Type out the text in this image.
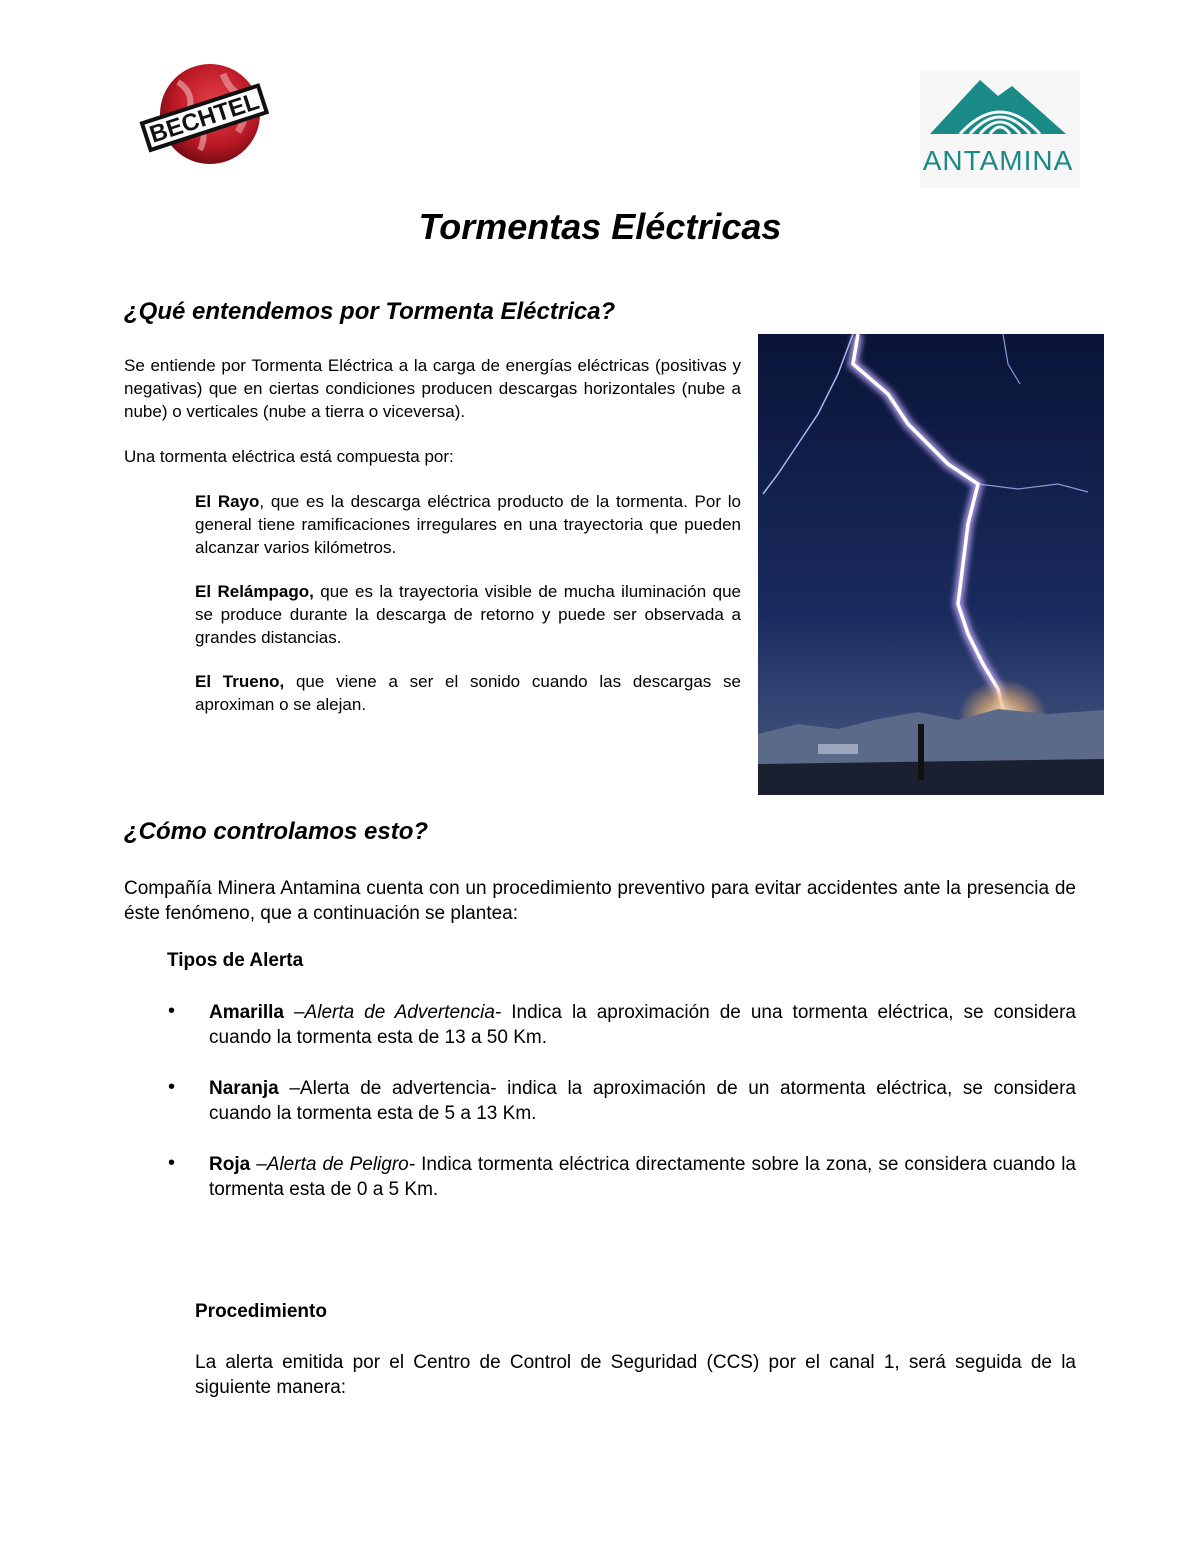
BECHTEL
ANTAMINA
Tormentas Eléctricas
¿Qué entendemos por Tormenta Eléctrica?
Se entiende por Tormenta Eléctrica a la carga de energías eléctricas (positivas y negativas) que en ciertas condiciones producen descargas horizontales (nube a nube) o verticales (nube a tierra o viceversa).
Una tormenta eléctrica está compuesta por:
El Rayo, que es la descarga eléctrica producto de la tormenta. Por lo general tiene ramificaciones irregulares en una trayectoria que pueden alcanzar varios kilómetros.
El Relámpago, que es la trayectoria visible de mucha iluminación que se produce durante la descarga de retorno y puede ser observada a grandes distancias.
El Trueno, que viene a ser el sonido cuando las descargas se aproximan o se alejan.
¿Cómo controlamos esto?
Compañía Minera Antamina cuenta con un procedimiento preventivo para evitar accidentes ante la presencia de éste fenómeno, que a continuación se plantea:
Tipos de Alerta
• Amarilla –Alerta de Advertencia- Indica la aproximación de una tormenta eléctrica, se considera cuando la tormenta esta de 13 a 50 Km.
• Naranja –Alerta de advertencia- indica la aproximación de un atormenta eléctrica, se considera cuando la tormenta esta de 5 a 13 Km.
• Roja –Alerta de Peligro- Indica tormenta eléctrica directamente sobre la zona, se considera cuando la tormenta esta de 0 a 5 Km.
Procedimiento
La alerta emitida por el Centro de Control de Seguridad (CCS) por el canal 1, será seguida de la siguiente manera:
